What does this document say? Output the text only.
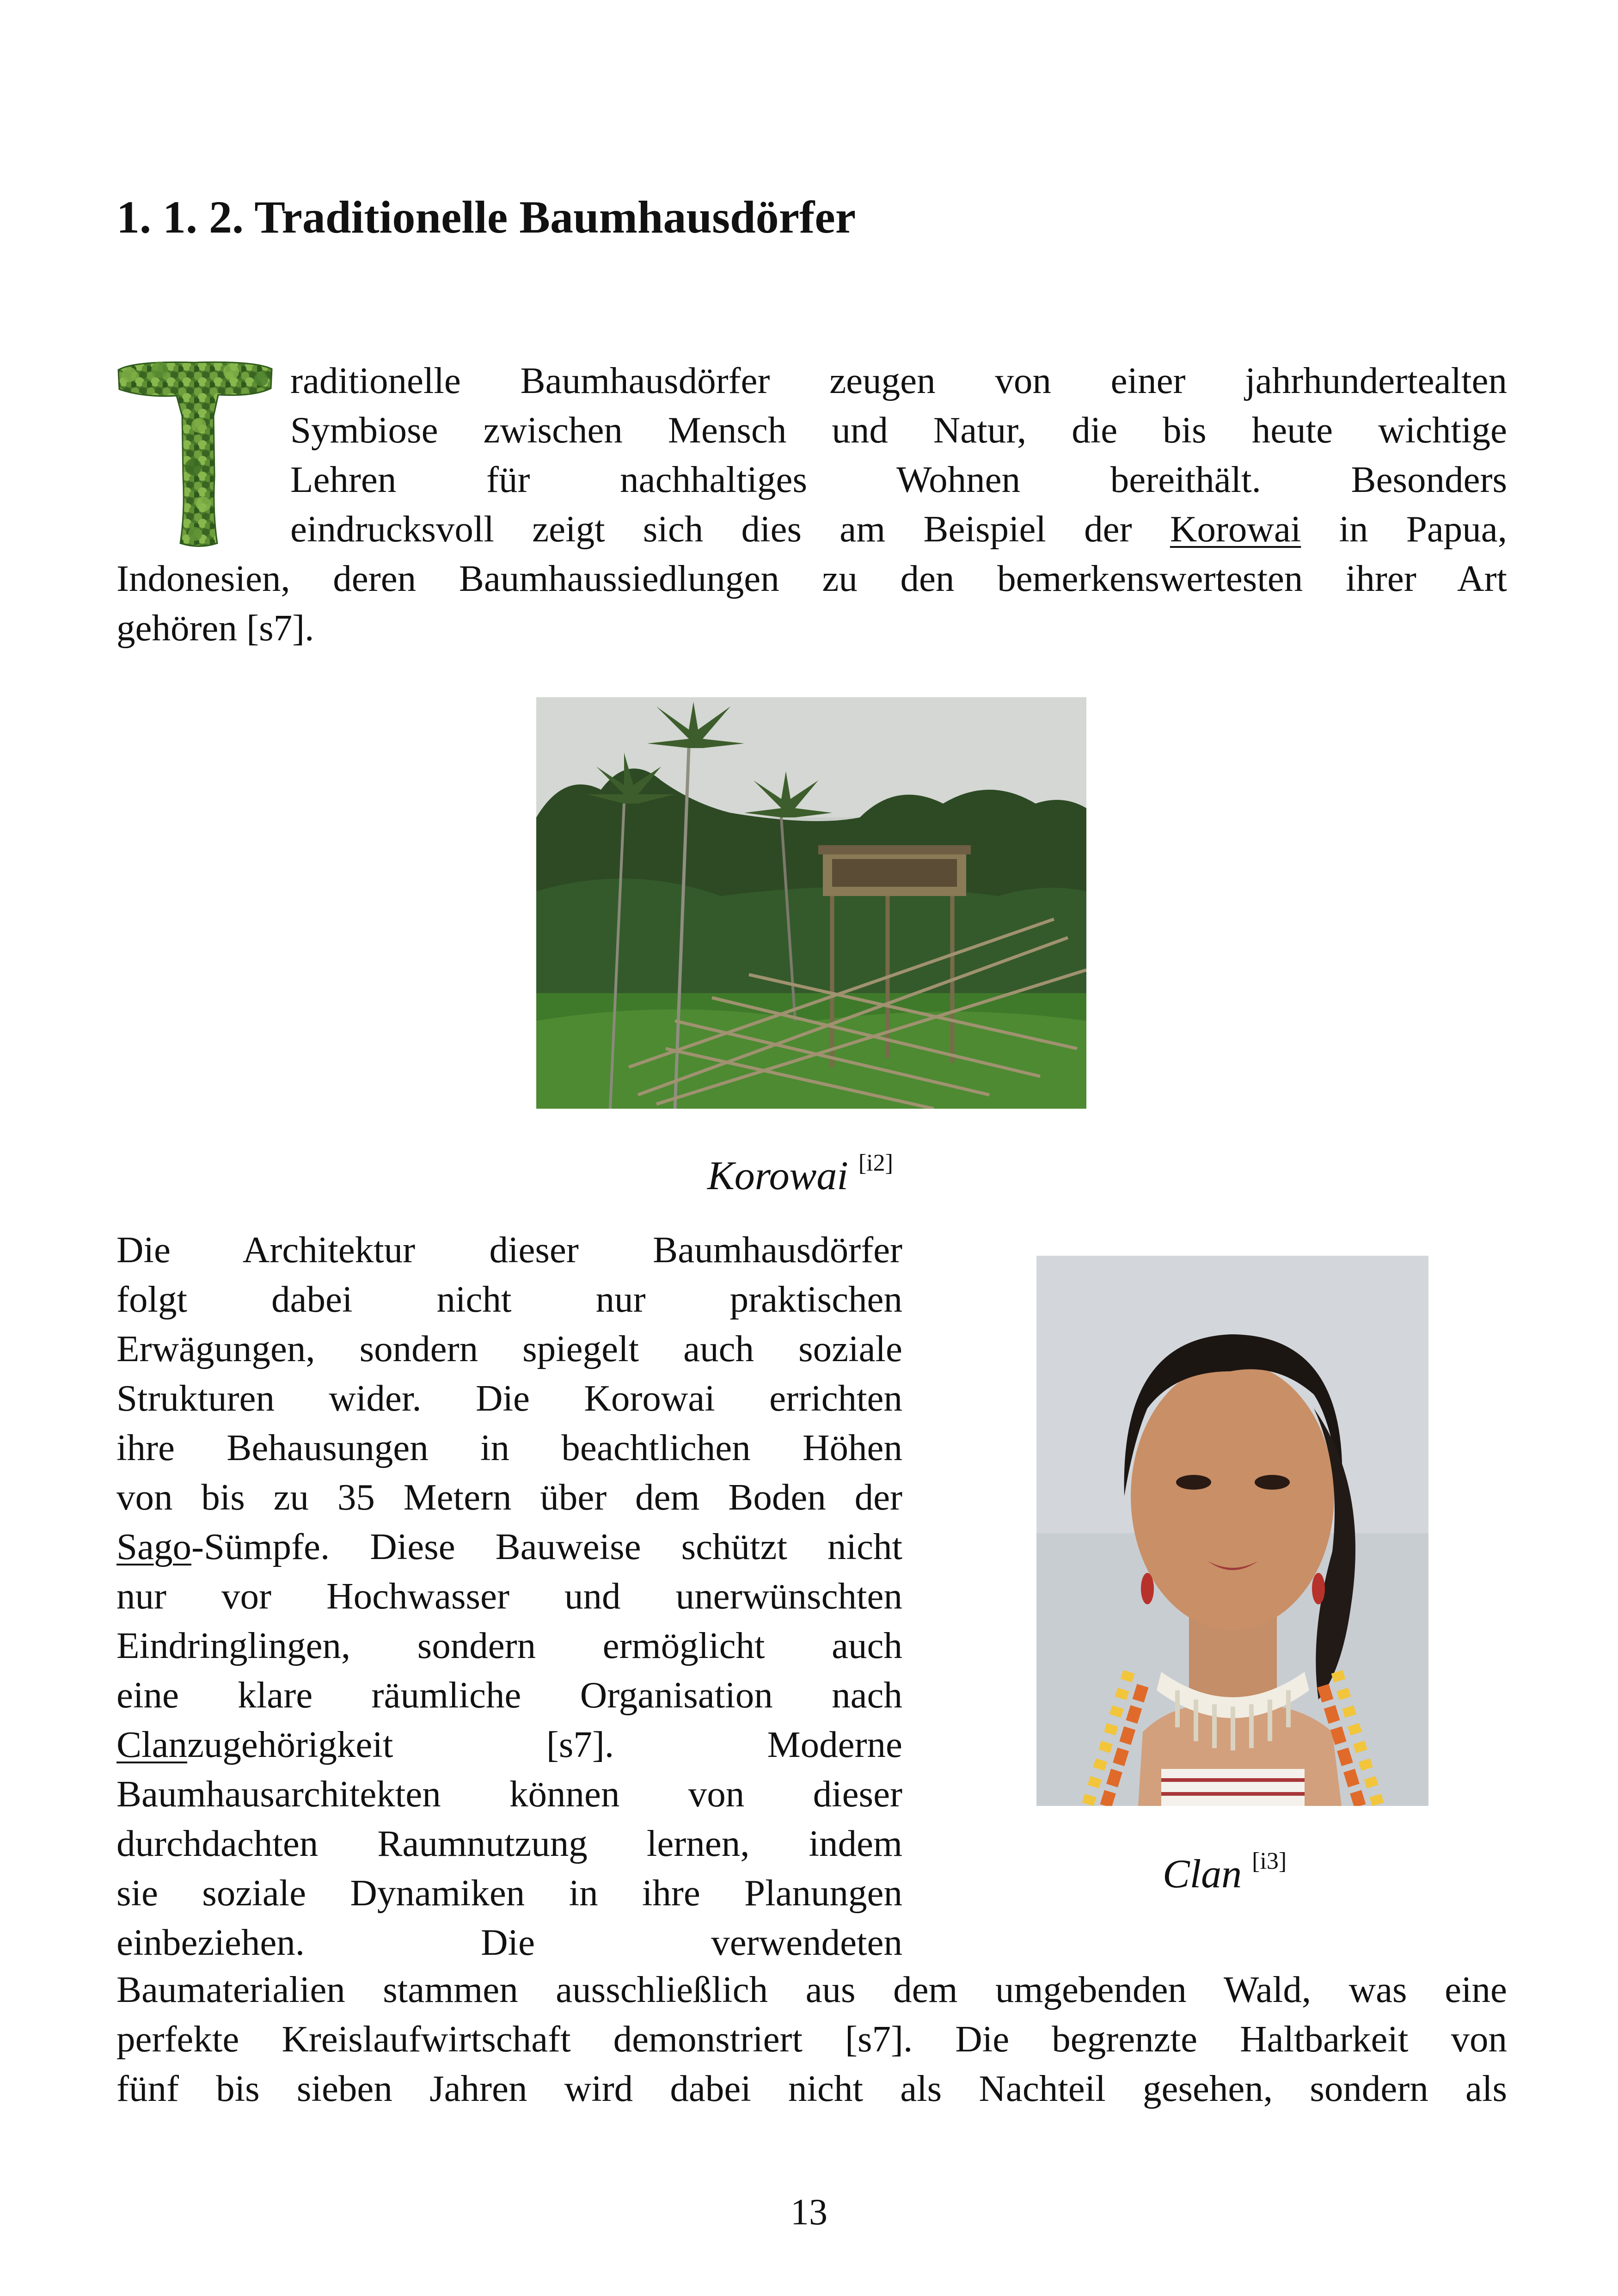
1. 1. 2. Traditionelle Baumhausdörfer
raditionelle Baumhausdörfer zeugen von einer jahrhundertealten
Symbiose zwischen Mensch und Natur, die bis heute wichtige
Lehren für nachhaltiges Wohnen bereithält. Besonders
eindrucksvoll zeigt sich dies am Beispiel der Korowai in Papua,
Indonesien, deren Baumhaussiedlungen zu den bemerkenswertesten ihrer Art
gehören [s7].
Korowai [i2]
Die Architektur dieser Baumhausdörfer
folgt dabei nicht nur praktischen
Erwägungen, sondern spiegelt auch soziale
Strukturen wider. Die Korowai errichten
ihre Behausungen in beachtlichen Höhen
von bis zu 35 Metern über dem Boden der
Sago-Sümpfe. Diese Bauweise schützt nicht
nur vor Hochwasser und unerwünschten
Eindringlingen, sondern ermöglicht auch
eine klare räumliche Organisation nach
Clanzugehörigkeit [s7]. Moderne
Baumhausarchitekten können von dieser
durchdachten Raumnutzung lernen, indem
sie soziale Dynamiken in ihre Planungen
einbeziehen. Die verwendeten
Clan [i3]
Baumaterialien stammen ausschließlich aus dem umgebenden Wald, was eine
perfekte Kreislaufwirtschaft demonstriert [s7]. Die begrenzte Haltbarkeit von
fünf bis sieben Jahren wird dabei nicht als Nachteil gesehen, sondern als
13
